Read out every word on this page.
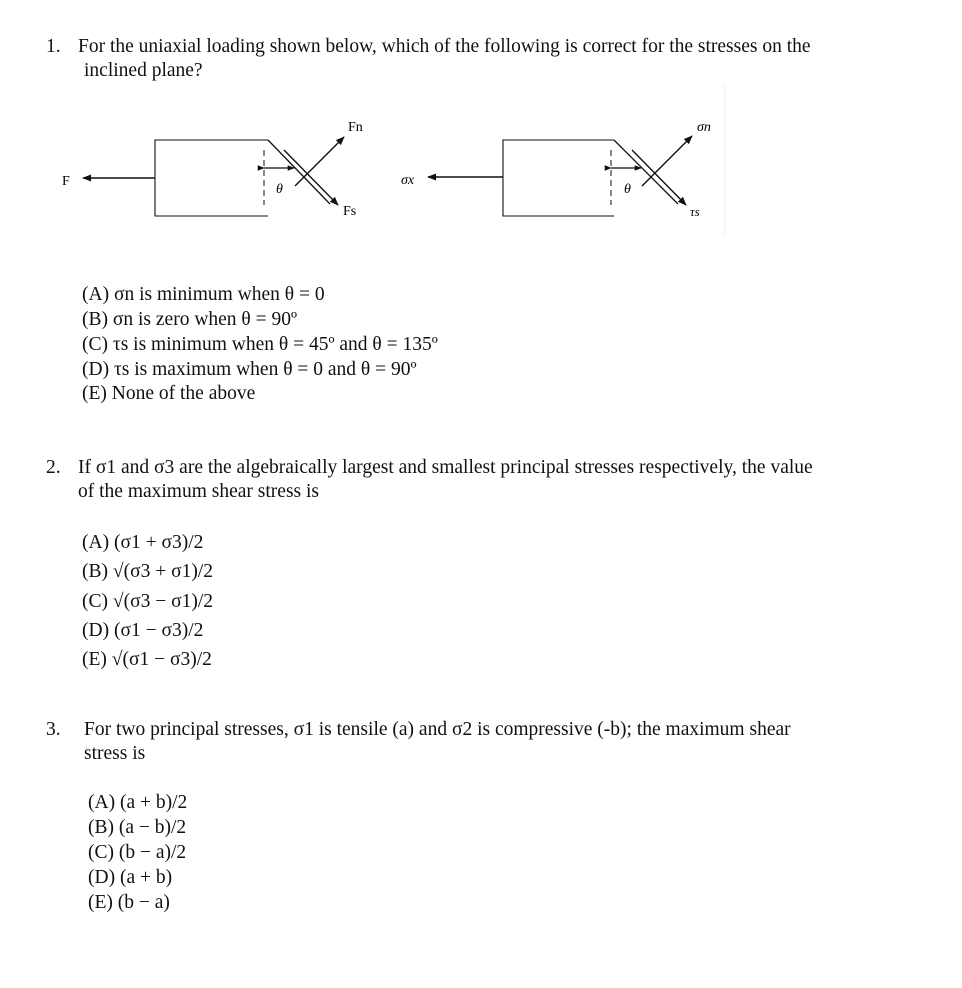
1. For the uniaxial loading shown below, which of the following is correct for the stresses on the
inclined plane?
F
θ
Fn
Fs
σx
θ
σn
τs
(A) σn is minimum when θ = 0
(B) σn is zero when θ = 90º
(C) τs is minimum when θ = 45º and θ = 135º
(D) τs is maximum when θ = 0 and θ = 90º
(E) None of the above
2. If σ1 and σ3 are the algebraically largest and smallest principal stresses respectively, the value
of the maximum shear stress is
(A) (σ1 + σ3)/2
(B) √(σ3 + σ1)/2
(C) √(σ3 − σ1)/2
(D) (σ1 − σ3)/2
(E) √(σ1 − σ3)/2
3. For two principal stresses, σ1 is tensile (a) and σ2 is compressive (-b); the maximum shear
stress is
(A) (a + b)/2
(B) (a − b)/2
(C) (b − a)/2
(D) (a + b)
(E) (b − a)
